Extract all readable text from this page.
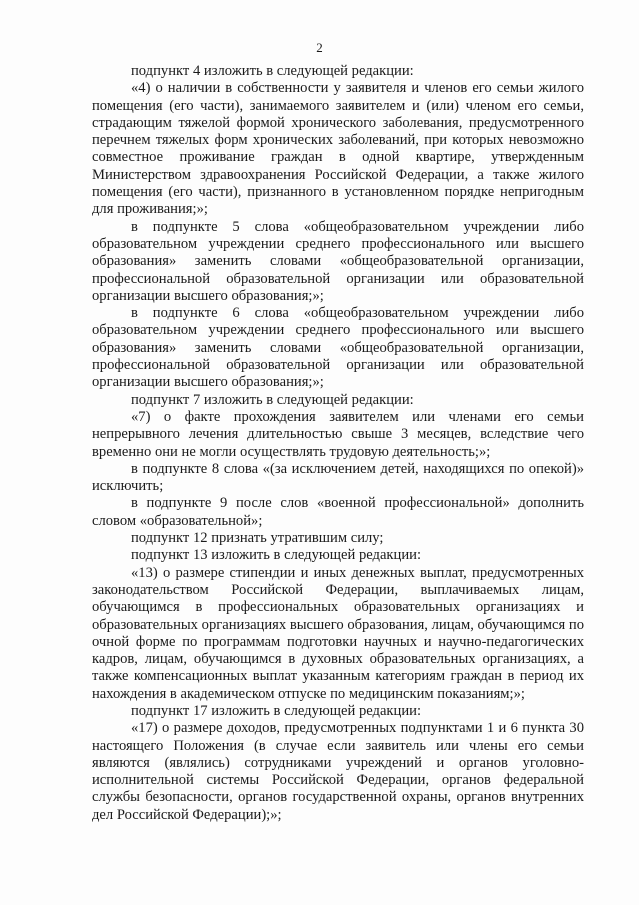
2

подпункт 4 изложить в следующей редакции:

«4) о наличии в собственности у заявителя и членов его семьи жилого помещения (его части), занимаемого заявителем и (или) членом его семьи, страдающим тяжелой формой хронического заболевания, предусмотренного перечнем тяжелых форм хронических заболеваний, при которых невозможно совместное проживание граждан в одной квартире, утвержденным Министерством здравоохранения Российской Федерации, а также жилого помещения (его части), признанного в установленном порядке непригодным для проживания;»;

в подпункте 5 слова «общеобразовательном учреждении либо образовательном учреждении среднего профессионального или высшего образования» заменить словами «общеобразовательной организации, профессиональной образовательной организации или образовательной организации высшего образования;»;

в подпункте 6 слова «общеобразовательном учреждении либо образовательном учреждении среднего профессионального или высшего образования» заменить словами «общеобразовательной организации, профессиональной образовательной организации или образовательной организации высшего образования;»;

подпункт 7 изложить в следующей редакции:

«7) о факте прохождения заявителем или членами его семьи непрерывного лечения длительностью свыше 3 месяцев, вследствие чего временно они не могли осуществлять трудовую деятельность;»;

в подпункте 8 слова «(за исключением детей, находящихся по опекой)» исключить;

в подпункте 9 после слов «военной профессиональной» дополнить словом «образовательной»;

подпункт 12 признать утратившим силу;

подпункт 13 изложить в следующей редакции:

«13) о размере стипендии и иных денежных выплат, предусмотренных законодательством Российской Федерации, выплачиваемых лицам, обучающимся в профессиональных образовательных организациях и образовательных организациях высшего образования, лицам, обучающимся по очной форме по программам подготовки научных и научно-педагогических кадров, лицам, обучающимся в духовных образовательных организациях, а также компенсационных выплат указанным категориям граждан в период их нахождения в академическом отпуске по медицинским показаниям;»;

подпункт 17 изложить в следующей редакции:

«17) о размере доходов, предусмотренных подпунктами 1 и 6 пункта 30 настоящего Положения (в случае если заявитель или члены его семьи являются (являлись) сотрудниками учреждений и органов уголовно-исполнительной системы Российской Федерации, органов федеральной службы безопасности, органов государственной охраны, органов внутренних дел Российской Федерации);»;
